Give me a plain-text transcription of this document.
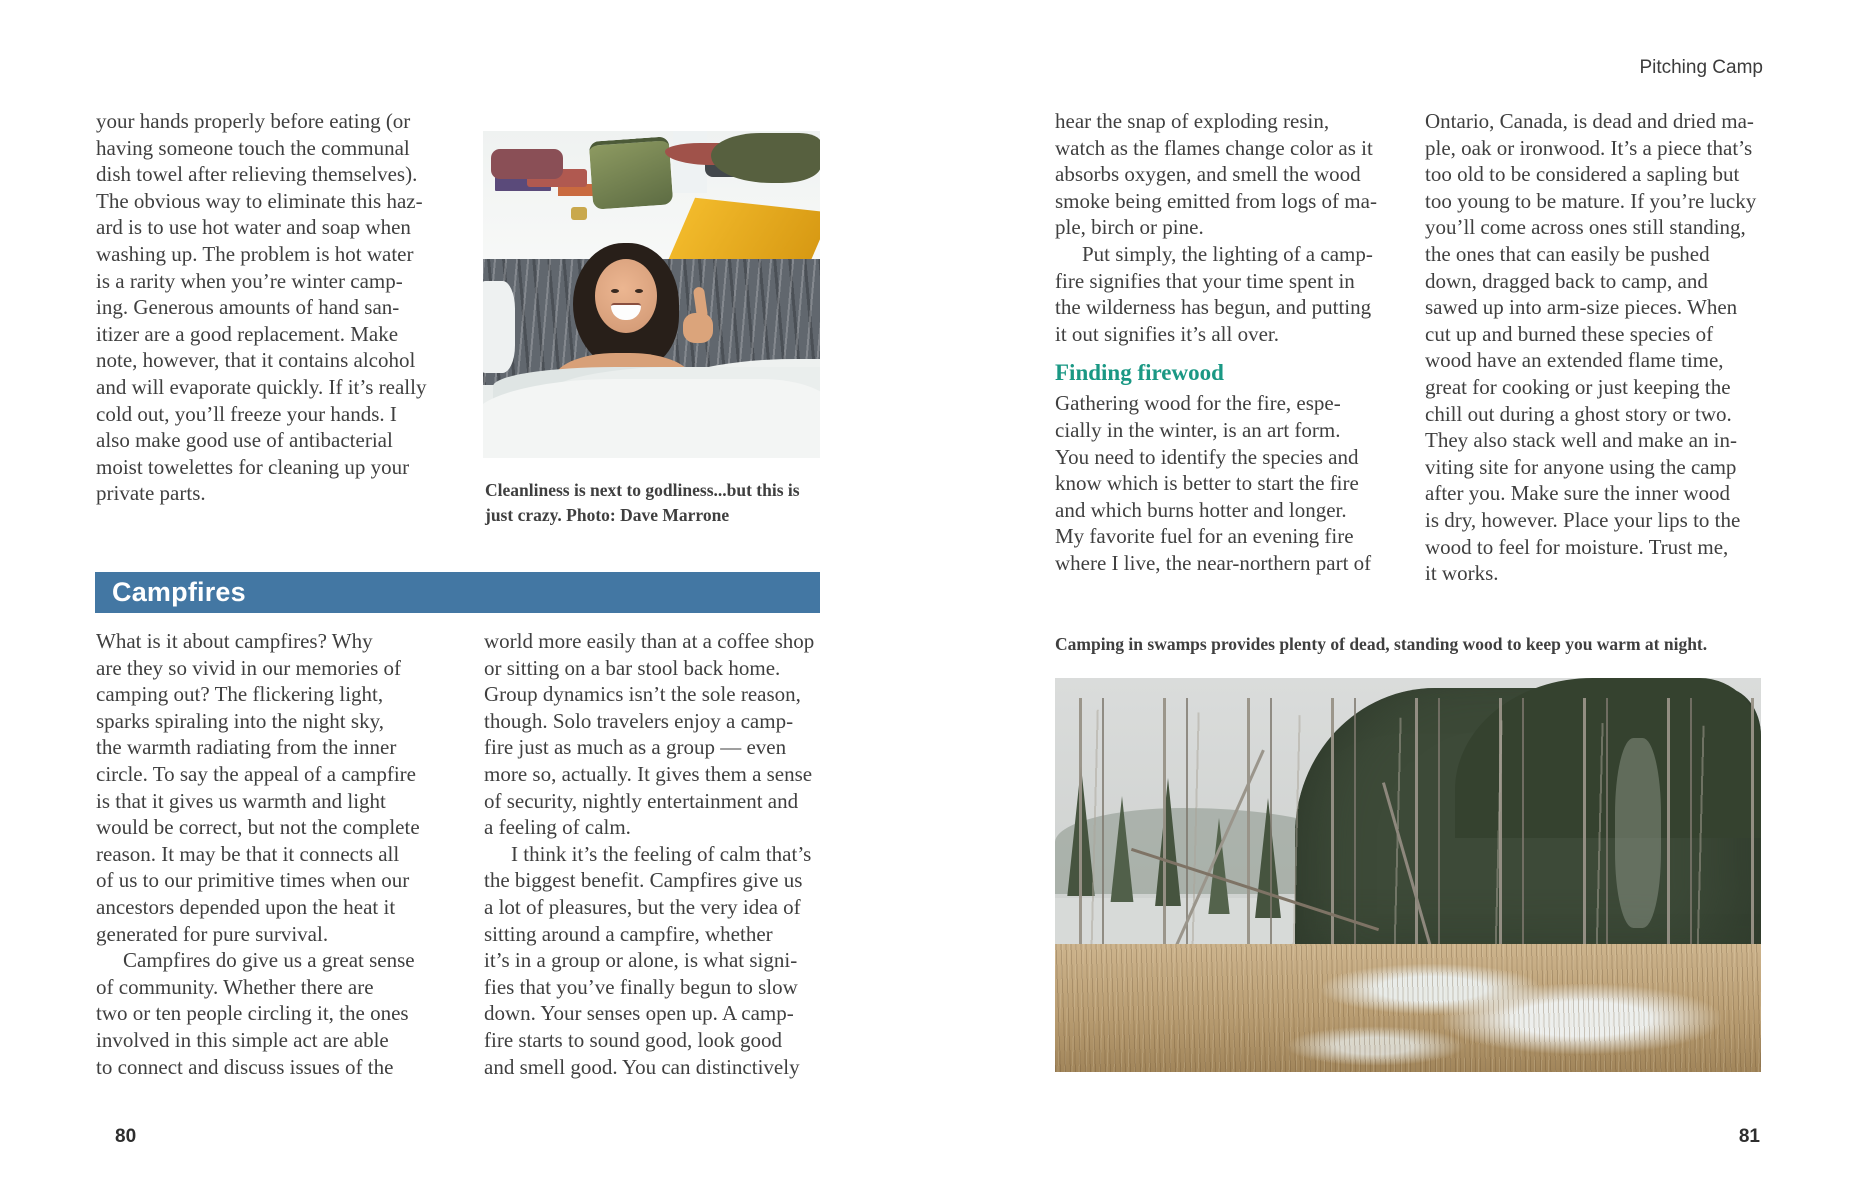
Pitching Camp
your hands properly before eating (or
having someone touch the communal
dish towel after relieving themselves).
The obvious way to eliminate this haz-
ard is to use hot water and soap when
washing up. The problem is hot water
is a rarity when you’re winter camp-
ing. Generous amounts of hand san-
itizer are a good replacement. Make
note, however, that it contains alcohol
and will evaporate quickly. If it’s really
cold out, you’ll freeze your hands. I
also make good use of antibacterial
moist towelettes for cleaning up your
private parts.	Cleanliness is next to godliness...but this is
just crazy. Photo: Dave Marrone
Campfires
What is it about campfires? Why
are they so vivid in our memories of
camping out? The flickering light,
sparks spiraling into the night sky,
the warmth radiating from the inner
circle. To say the appeal of a campfire
is that it gives us warmth and light
would be correct, but not the complete
reason. It may be that it connects all
of us to our primitive times when our
ancestors depended upon the heat it
generated for pure survival.
Campfires do give us a great sense
of community. Whether there are
two or ten people circling it, the ones
involved in this simple act are able
to connect and discuss issues of the
world more easily than at a coffee shop
or sitting on a bar stool back home.
Group dynamics isn’t the sole reason,
though. Solo travelers enjoy a camp-
fire just as much as a group — even
more so, actually. It gives them a sense
of security, nightly entertainment and
a feeling of calm.
I think it’s the feeling of calm that’s
the biggest benefit. Campfires give us
a lot of pleasures, but the very idea of
sitting around a campfire, whether
it’s in a group or alone, is what signi-
fies that you’ve finally begun to slow
down. Your senses open up. A camp-
fire starts to sound good, look good
and smell good. You can distinctively
80
hear the snap of exploding resin,
watch as the flames change color as it
absorbs oxygen, and smell the wood
smoke being emitted from logs of ma-
ple, birch or pine.
Put simply, the lighting of a camp-
fire signifies that your time spent in
the wilderness has begun, and putting
it out signifies it’s all over.
Finding firewood
Gathering wood for the fire, espe-
cially in the winter, is an art form.
You need to identify the species and
know which is better to start the fire
and which burns hotter and longer.
My favorite fuel for an evening fire
where I live, the near-northern part of
Ontario, Canada, is dead and dried ma-
ple, oak or ironwood. It’s a piece that’s
too old to be considered a sapling but
too young to be mature. If you’re lucky
you’ll come across ones still standing,
the ones that can easily be pushed
down, dragged back to camp, and
sawed up into arm-size pieces. When
cut up and burned these species of
wood have an extended flame time,
great for cooking or just keeping the
chill out during a ghost story or two.
They also stack well and make an in-
viting site for anyone using the camp
after you. Make sure the inner wood
is dry, however. Place your lips to the
wood to feel for moisture. Trust me,
it works.
Camping in swamps provides plenty of dead, standing wood to keep you warm at night.
81
